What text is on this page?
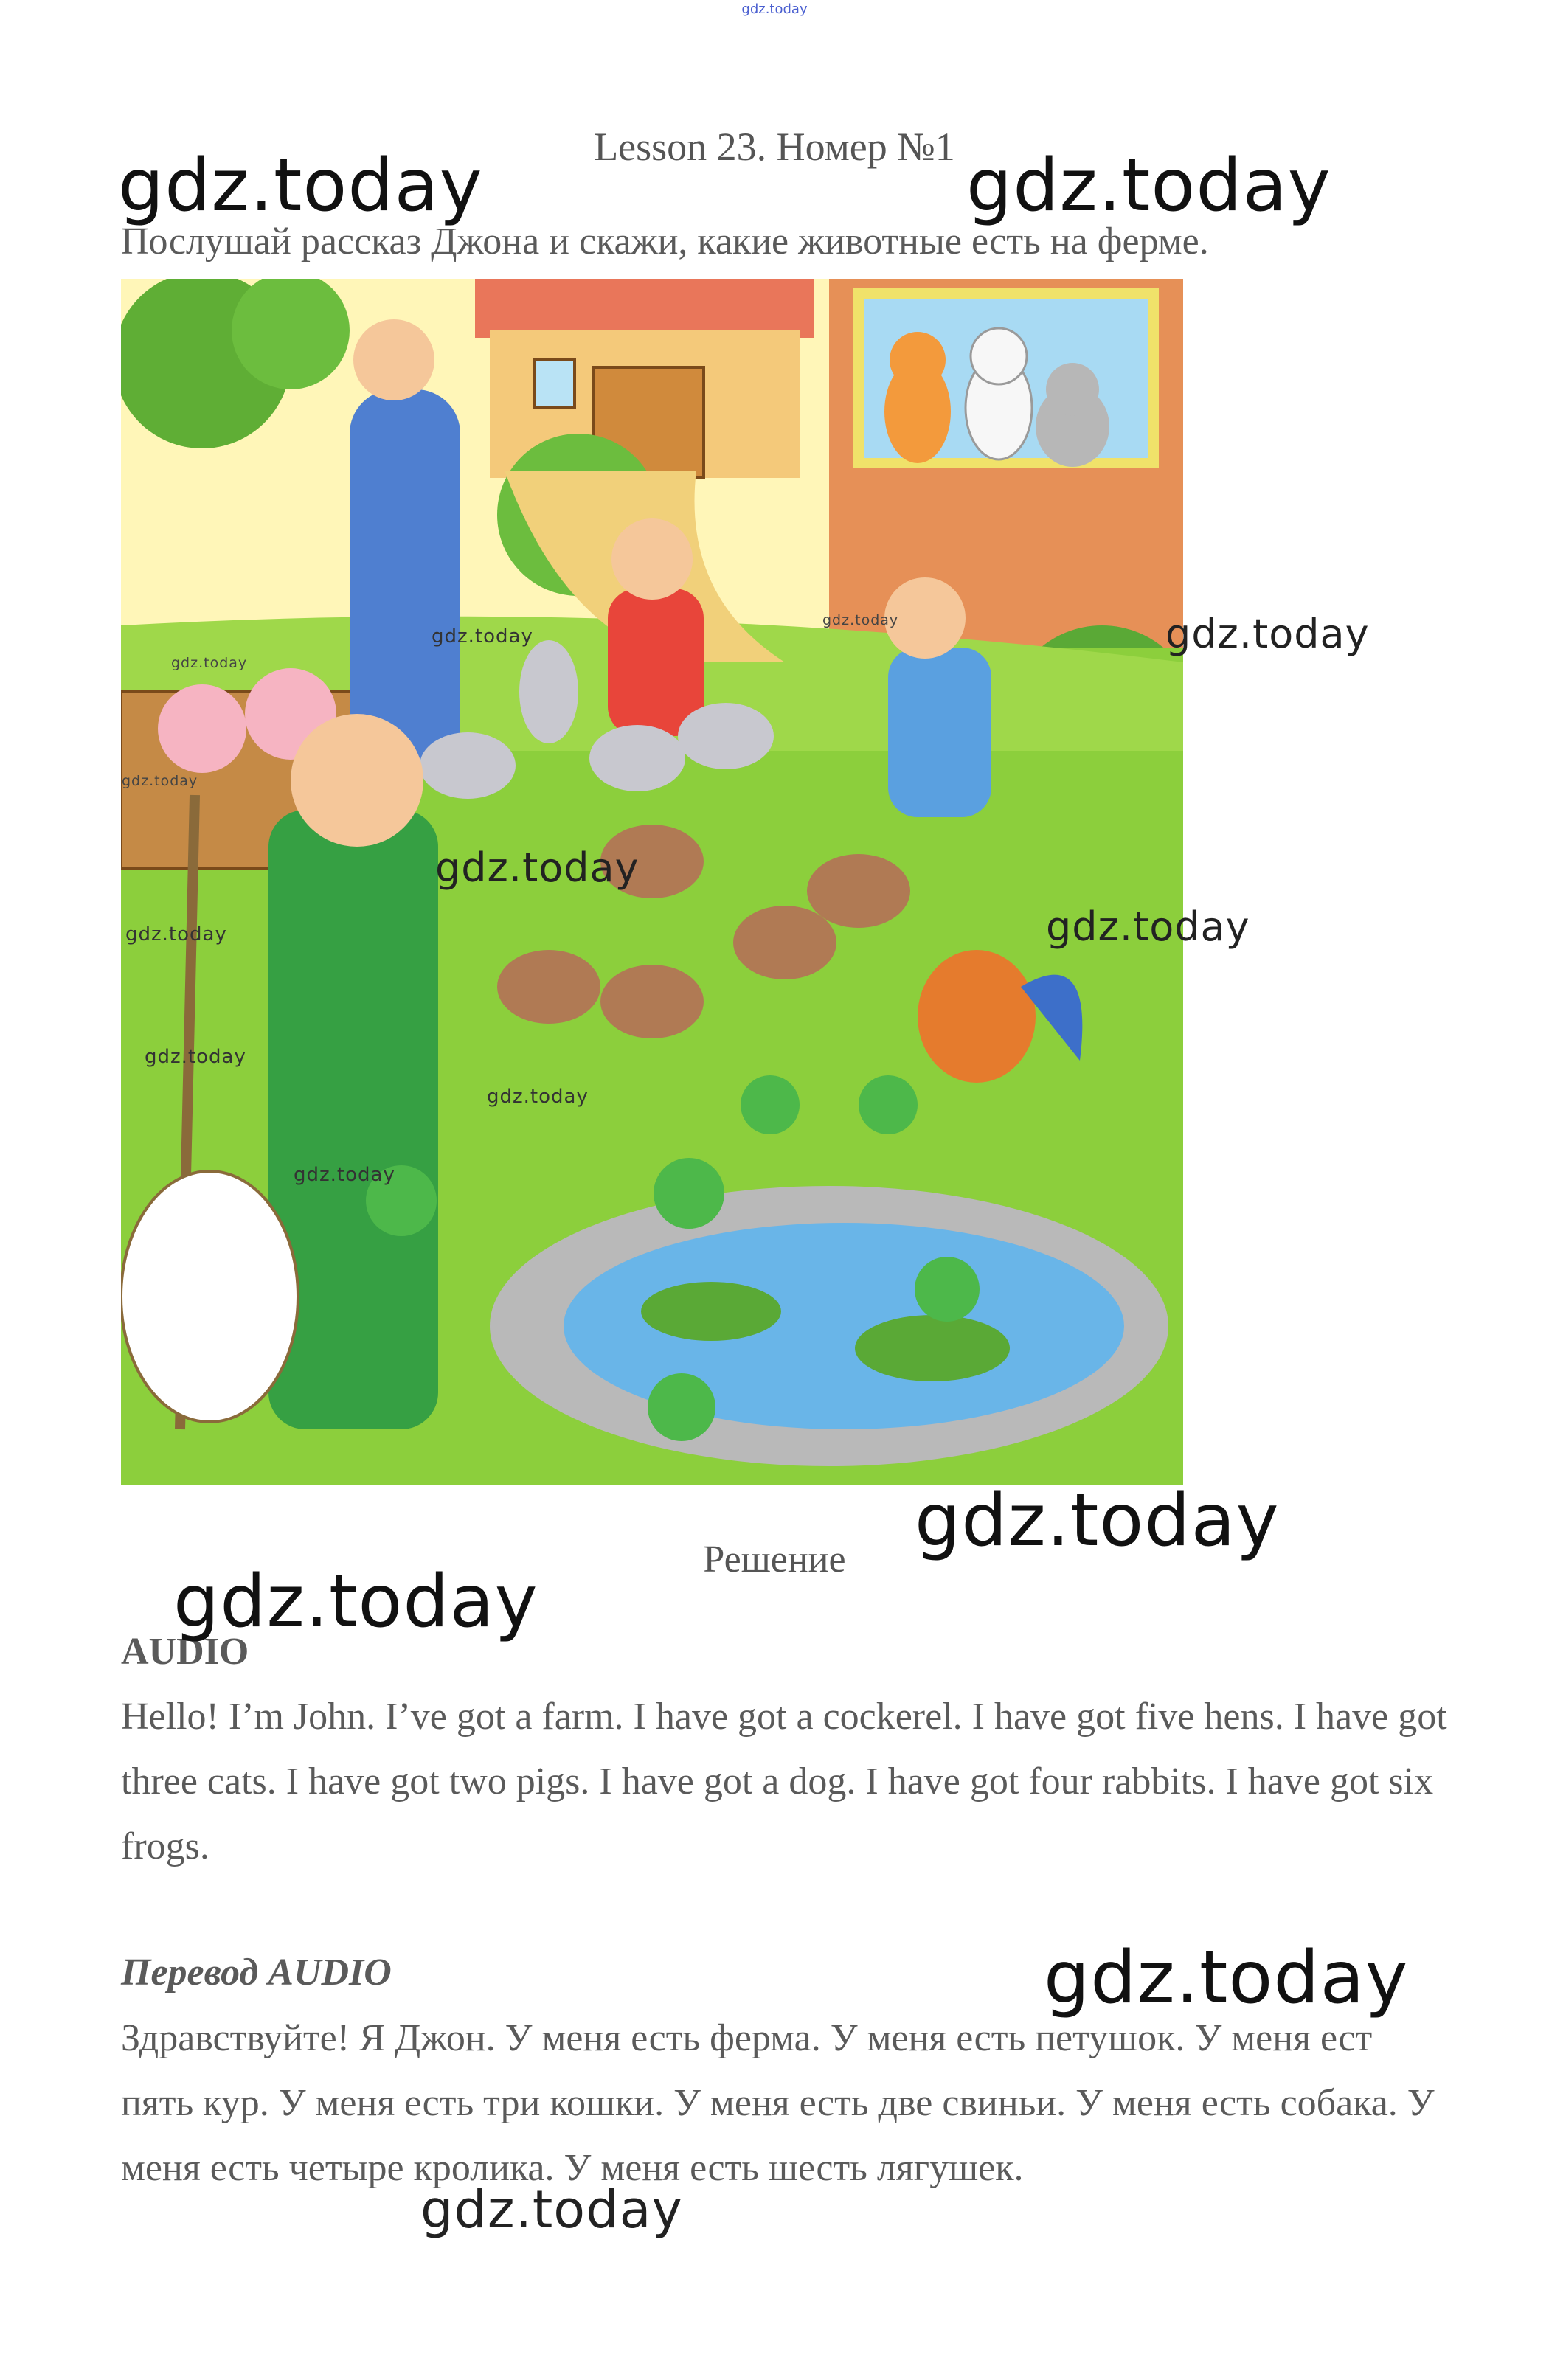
gdz.today
Lesson 23. Номер №1
Послушай рассказ Джона и скажи, какие животные есть на ферме.
Решение
AUDIO
Hello! I’m John. I’ve got a farm. I have got a cockerel. I have got five hens. I have got three cats. I have got two pigs. I have got a dog. I have got four rabbits. I have got six frogs.
Перевод AUDIO
Здравствуйте! Я Джон. У меня есть ферма. У меня есть петушок. У меня ест пять кур. У меня есть три кошки. У меня есть две свиньи. У меня есть собака. У меня есть четыре кролика. У меня есть шесть лягушек.
gdz.today	gdz.today
gdz.today
gdz.today
gdz.today
gdz.today
gdz.today
gdz.today
gdz.today
gdz.today
gdz.today
gdz.today
gdz.today
gdz.today
gdz.today
gdz.today
gdz.today
